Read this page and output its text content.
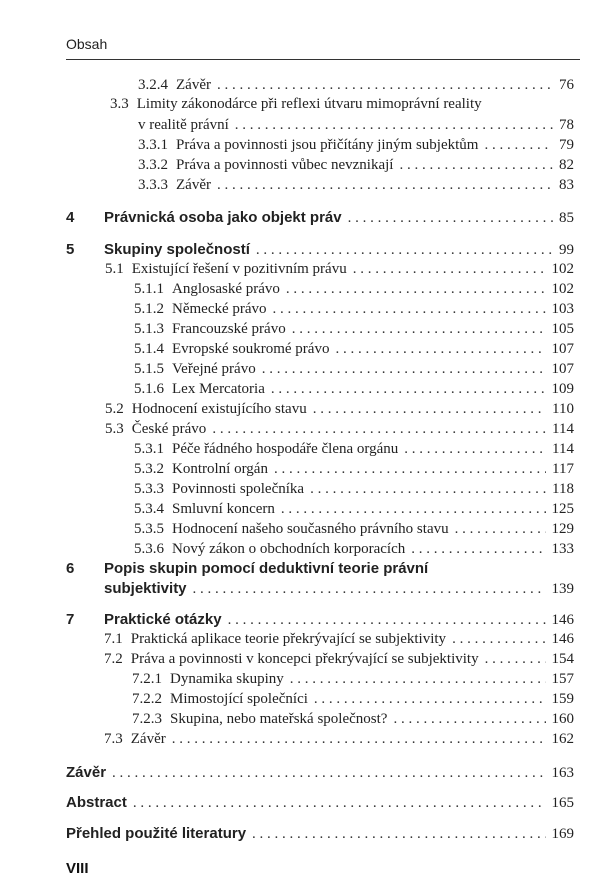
Obsah
3.2.4 Závěr . . .	76
3.3 Limity zákonodárce při reflexi útvaru mimoprávní reality
v realitě právní . . .	78
3.3.1 Práva a povinnosti jsou přičítány jiným subjektům . . .	79
3.3.2 Práva a povinnosti vůbec nevznikají . . .	82
3.3.3 Závěr . . .	83
4	Právnická osoba jako objekt práv . . .	85
5	Skupiny společností . . .	99
5.1 Existující řešení v pozitivním právu . . .	102
5.1.1 Anglosaské právo . . .	102
5.1.2 Německé právo . . .	103
5.1.3 Francouzské právo . . .	105
5.1.4 Evropské soukromé právo . . .	107
5.1.5 Veřejné právo . . .	107
5.1.6 Lex Mercatoria . . .	109
5.2 Hodnocení existujícího stavu . . .	110
5.3 České právo . . .	114
5.3.1 Péče řádného hospodáře člena orgánu . . .	114
5.3.2 Kontrolní orgán . . .	117
5.3.3 Povinnosti společníka . . .	118
5.3.4 Smluvní koncern . . .	125
5.3.5 Hodnocení našeho současného právního stavu . . .	129
5.3.6 Nový zákon o obchodních korporacích . . .	133
6	Popis skupin pomocí deduktivní teorie právní
subjektivity . . .	139
7	Praktické otázky . . .	146
7.1 Praktická aplikace teorie překrývající se subjektivity . . .	146
7.2 Práva a povinnosti v koncepci překrývající se subjektivity . . .	154
7.2.1 Dynamika skupiny . . .	157
7.2.2 Mimostojící společníci . . .	159
7.2.3 Skupina, nebo mateřská společnost? . . .	160
7.3 Závěr . . .	162
Závěr . . .	163
Abstract . . .	165
Přehled použité literatury . . .	169
VIII
